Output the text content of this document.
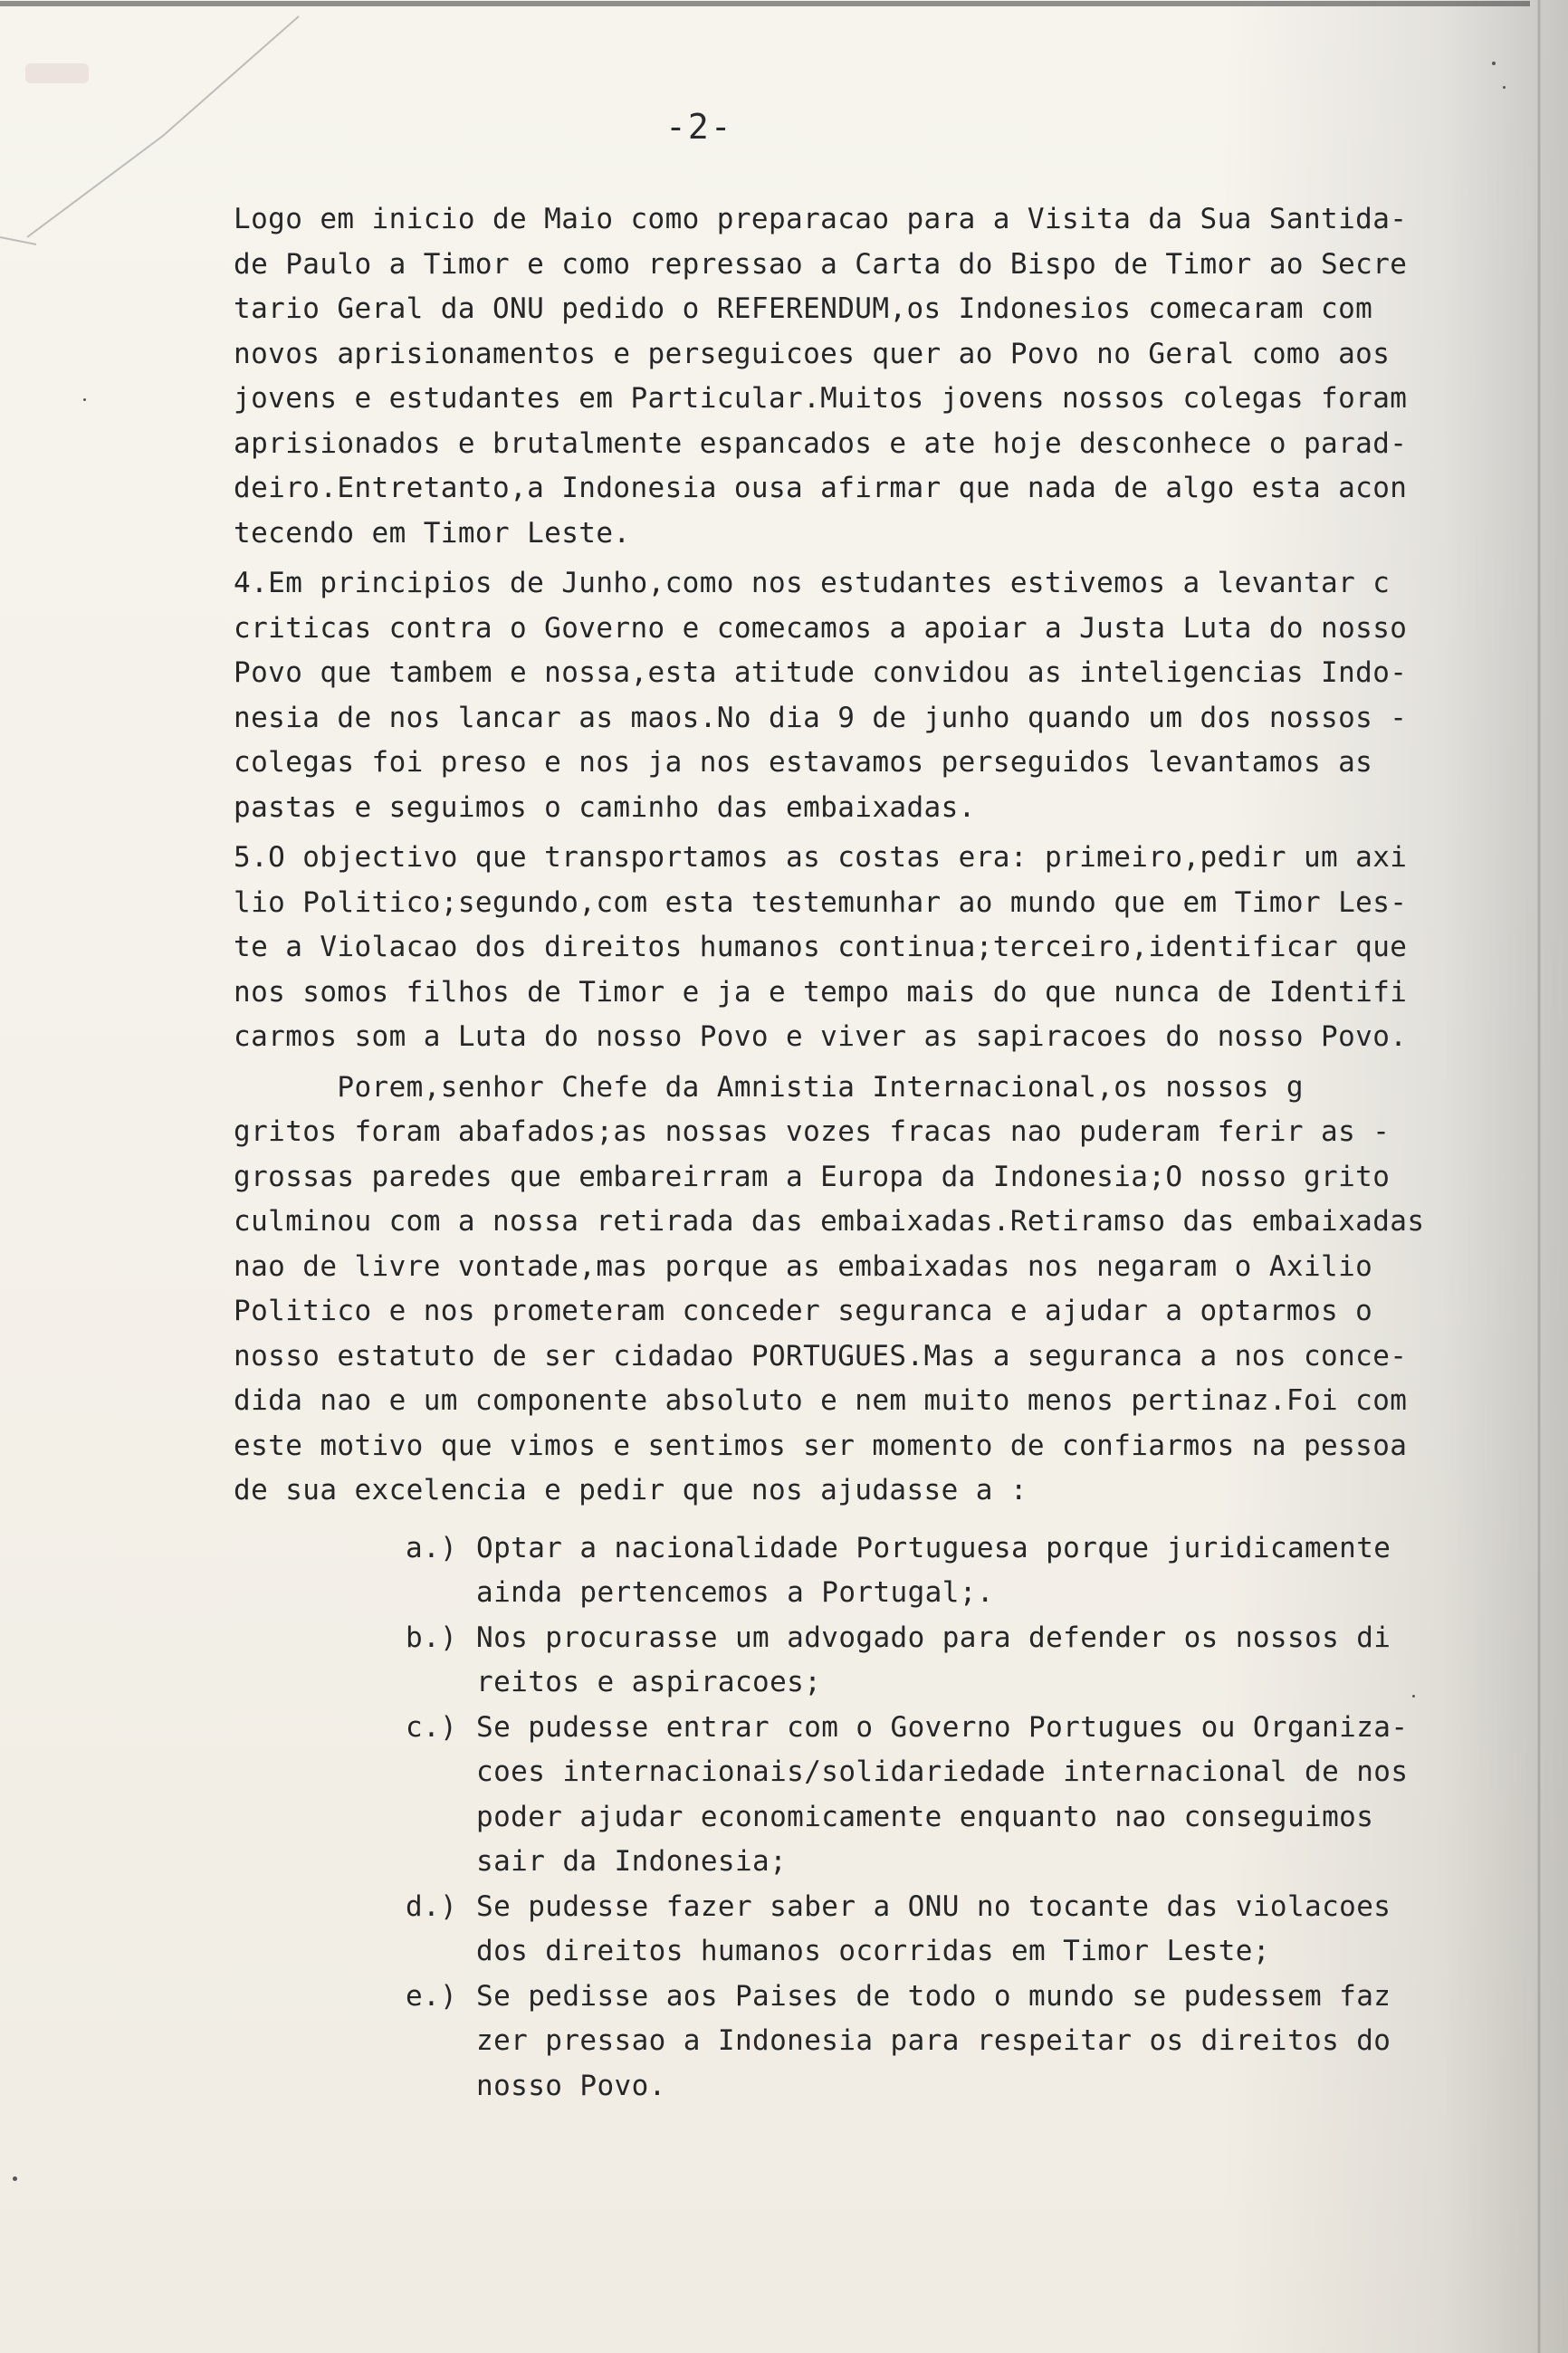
-2-

Logo em inicio de Maio como preparacao para a Visita da Sua Santida-
de Paulo a Timor e como repressao a Carta do Bispo de Timor ao Secre
tario Geral da ONU pedido o REFERENDUM,os Indonesios comecaram com
novos aprisionamentos e perseguicoes quer ao Povo no Geral como aos
jovens e estudantes em Particular.Muitos jovens nossos colegas foram
aprisionados e brutalmente espancados e ate hoje desconhece o parad-
deiro.Entretanto,a Indonesia ousa afirmar que nada de algo esta acon
tecendo em Timor Leste.

4.Em principios de Junho,como nos estudantes estivemos a levantar c
criticas contra o Governo e comecamos a apoiar a Justa Luta do nosso
Povo que tambem e nossa,esta atitude convidou as inteligencias Indo-
nesia de nos lancar as maos.No dia 9 de junho quando um dos nossos -
colegas foi preso e nos ja nos estavamos perseguidos levantamos as
pastas e seguimos o caminho das embaixadas.

5.O objectivo que transportamos as costas era: primeiro,pedir um axi
lio Politico;segundo,com esta testemunhar ao mundo que em Timor Les-
te a Violacao dos direitos humanos continua;terceiro,identificar que
nos somos filhos de Timor e ja e tempo mais do que nunca de Identifi
carmos som a Luta do nosso Povo e viver as sapiracoes do nosso Povo.

Porem,senhor Chefe da Amnistia Internacional,os nossos g
gritos foram abafados;as nossas vozes fracas nao puderam ferir as -
grossas paredes que embareirram a Europa da Indonesia;O nosso grito
culminou com a nossa retirada das embaixadas.Retiramso das embaixadas
nao de livre vontade,mas porque as embaixadas nos negaram o Axilio
Politico e nos prometeram conceder seguranca e ajudar a optarmos o
nosso estatuto de ser cidadao PORTUGUES.Mas a seguranca a nos conce-
dida nao e um componente absoluto e nem muito menos pertinaz.Foi com
este motivo que vimos e sentimos ser momento de confiarmos na pessoa
de sua excelencia e pedir que nos ajudasse a :

a.) Optar a nacionalidade Portuguesa porque juridicamente
ainda pertencemos a Portugal;.
b.) Nos procurasse um advogado para defender os nossos di
reitos e aspiracoes;
c.) Se pudesse entrar com o Governo Portugues ou Organiza-
coes internacionais/solidariedade internacional de nos
poder ajudar economicamente enquanto nao conseguimos
sair da Indonesia;
d.) Se pudesse fazer saber a ONU no tocante das violacoes
dos direitos humanos ocorridas em Timor Leste;
e.) Se pedisse aos Paises de todo o mundo se pudessem faz
zer pressao a Indonesia para respeitar os direitos do
nosso Povo.
